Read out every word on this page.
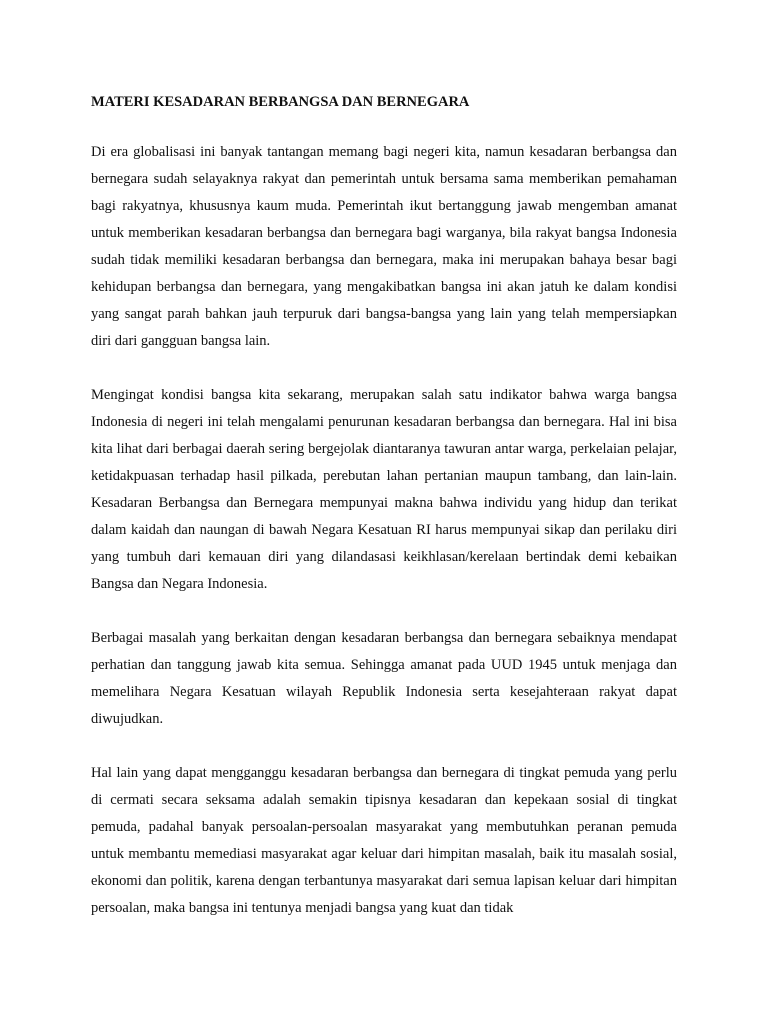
MATERI KESADARAN BERBANGSA DAN BERNEGARA

Di era globalisasi ini banyak tantangan memang bagi negeri kita, namun kesadaran berbangsa dan bernegara sudah selayaknya rakyat dan pemerintah untuk bersama sama memberikan pemahaman bagi rakyatnya, khususnya kaum muda. Pemerintah ikut bertanggung jawab mengemban amanat untuk memberikan kesadaran berbangsa dan bernegara bagi warganya, bila rakyat bangsa Indonesia sudah tidak memiliki kesadaran berbangsa dan bernegara, maka ini merupakan bahaya besar bagi kehidupan berbangsa dan bernegara, yang mengakibatkan bangsa ini akan jatuh ke dalam kondisi yang sangat parah bahkan jauh terpuruk dari bangsa-bangsa yang lain yang telah mempersiapkan diri dari gangguan bangsa lain.

Mengingat kondisi bangsa kita sekarang, merupakan salah satu indikator bahwa warga bangsa Indonesia di negeri ini telah mengalami penurunan kesadaran berbangsa dan bernegara. Hal ini bisa kita lihat dari berbagai daerah sering bergejolak diantaranya tawuran antar warga, perkelaian pelajar, ketidakpuasan terhadap hasil pilkada, perebutan lahan pertanian maupun tambang, dan lain-lain. Kesadaran Berbangsa dan Bernegara mempunyai makna bahwa individu yang hidup dan terikat dalam kaidah dan naungan di bawah Negara Kesatuan RI harus mempunyai sikap dan perilaku diri yang tumbuh dari kemauan diri yang dilandasasi keikhlasan/kerelaan bertindak demi kebaikan Bangsa dan Negara Indonesia.

Berbagai masalah yang berkaitan dengan kesadaran berbangsa dan bernegara sebaiknya mendapat perhatian dan tanggung jawab kita semua. Sehingga amanat pada UUD 1945 untuk menjaga dan memelihara Negara Kesatuan wilayah Republik Indonesia serta kesejahteraan rakyat dapat diwujudkan.

Hal lain yang dapat mengganggu kesadaran berbangsa dan bernegara di tingkat pemuda yang perlu di cermati secara seksama adalah semakin tipisnya kesadaran dan kepekaan sosial di tingkat pemuda, padahal banyak persoalan-persoalan masyarakat yang membutuhkan peranan pemuda untuk membantu memediasi masyarakat agar keluar dari himpitan masalah, baik itu masalah sosial, ekonomi dan politik, karena dengan terbantunya masyarakat dari semua lapisan keluar dari himpitan persoalan, maka bangsa ini tentunya menjadi bangsa yang kuat dan tidak
